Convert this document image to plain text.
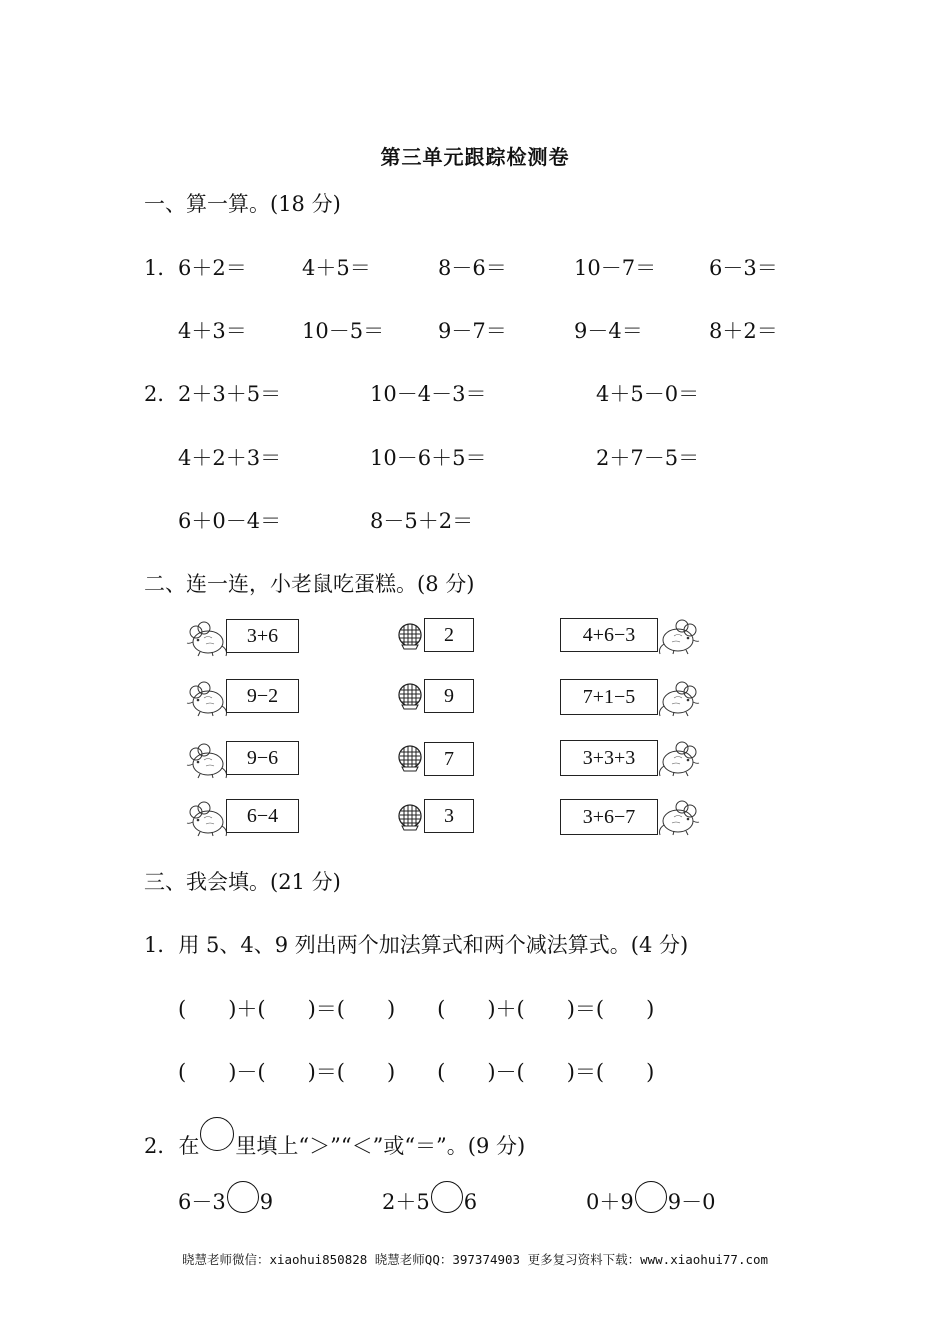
第三单元跟踪检测卷
一、算一算。(18 分)
1． 6＋2＝	4＋5＝	8－6＝	10－7＝	6－3＝
4＋3＝	10－5＝	9－7＝	9－4＝	8＋2＝
2． 2＋3＋5＝	10－4－3＝	4＋5－0＝
4＋2＋3＝	10－6＋5＝	2＋7－5＝
6＋0－4＝	8－5＋2＝
二、连一连，小老鼠吃蛋糕。(8 分)
3+6	2	4+6−3
9−2	9	7+1−5
9−6	7	3+3+3
6−4	3	3+6−7
三、我会填。(21 分)
1．用 5、4、9 列出两个加法算式和两个减法算式。(4 分)
(　　)＋(　　)＝(　　)　　(　　)＋(　　)＝(　　)
(　　)－(　　)＝(　　)　　(　　)－(　　)＝(　　)
2．在 里填上“＞”“＜”或“＝”。(9 分)
6－3 9	2＋5 6	0＋9 9－0
晓慧老师微信：xiaohui850828 晓慧老师QQ：397374903 更多复习资料下载：www.xiaohui77.com
